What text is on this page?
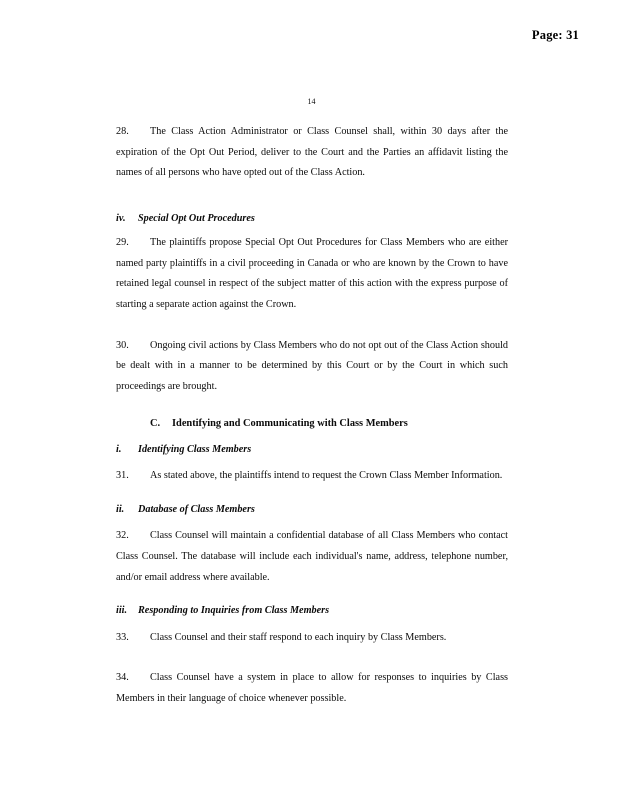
Page: 31
14

28. The Class Action Administrator or Class Counsel shall, within 30 days after the expiration of the Opt Out Period, deliver to the Court and the Parties an affidavit listing the names of all persons who have opted out of the Class Action.

iv. Special Opt Out Procedures

29. The plaintiffs propose Special Opt Out Procedures for Class Members who are either named party plaintiffs in a civil proceeding in Canada or who are known by the Crown to have retained legal counsel in respect of the subject matter of this action with the express purpose of starting a separate action against the Crown.

30. Ongoing civil actions by Class Members who do not opt out of the Class Action should be dealt with in a manner to be determined by this Court or by the Court in which such proceedings are brought.

C. Identifying and Communicating with Class Members
i. Identifying Class Members

31. As stated above, the plaintiffs intend to request the Crown Class Member Information.

ii. Database of Class Members

32. Class Counsel will maintain a confidential database of all Class Members who contact Class Counsel. The database will include each individual's name, address, telephone number, and/or email address where available.

iii. Responding to Inquiries from Class Members

33. Class Counsel and their staff respond to each inquiry by Class Members.

34. Class Counsel have a system in place to allow for responses to inquiries by Class Members in their language of choice whenever possible.
